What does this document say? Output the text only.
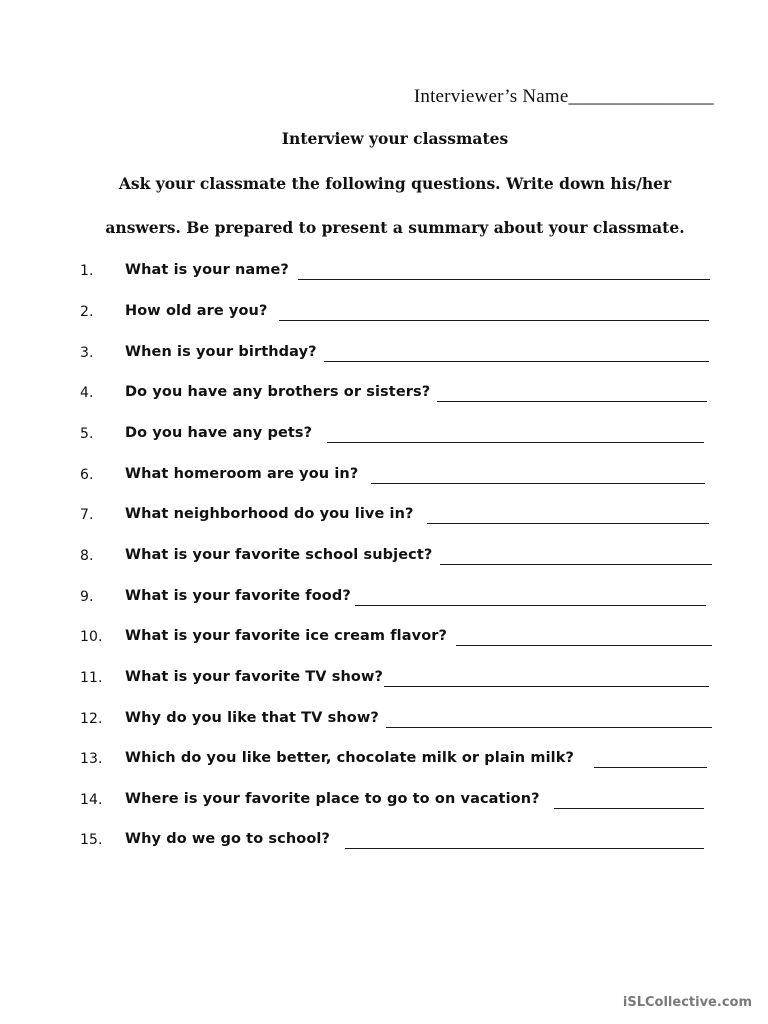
Interviewer’s Name_______________
Interview your classmates
Ask your classmate the following questions. Write down his/her
answers. Be prepared to present a summary about your classmate.
1. What is your name?
2. How old are you?
3. When is your birthday?
4. Do you have any brothers or sisters?
5. Do you have any pets?
6. What homeroom are you in?
7. What neighborhood do you live in?
8. What is your favorite school subject?
9. What is your favorite food?
10. What is your favorite ice cream flavor?
11. What is your favorite TV show?
12. Why do you like that TV show?
13. Which do you like better, chocolate milk or plain milk?
14. Where is your favorite place to go to on vacation?
15. Why do we go to school?
iSLCollective.com
